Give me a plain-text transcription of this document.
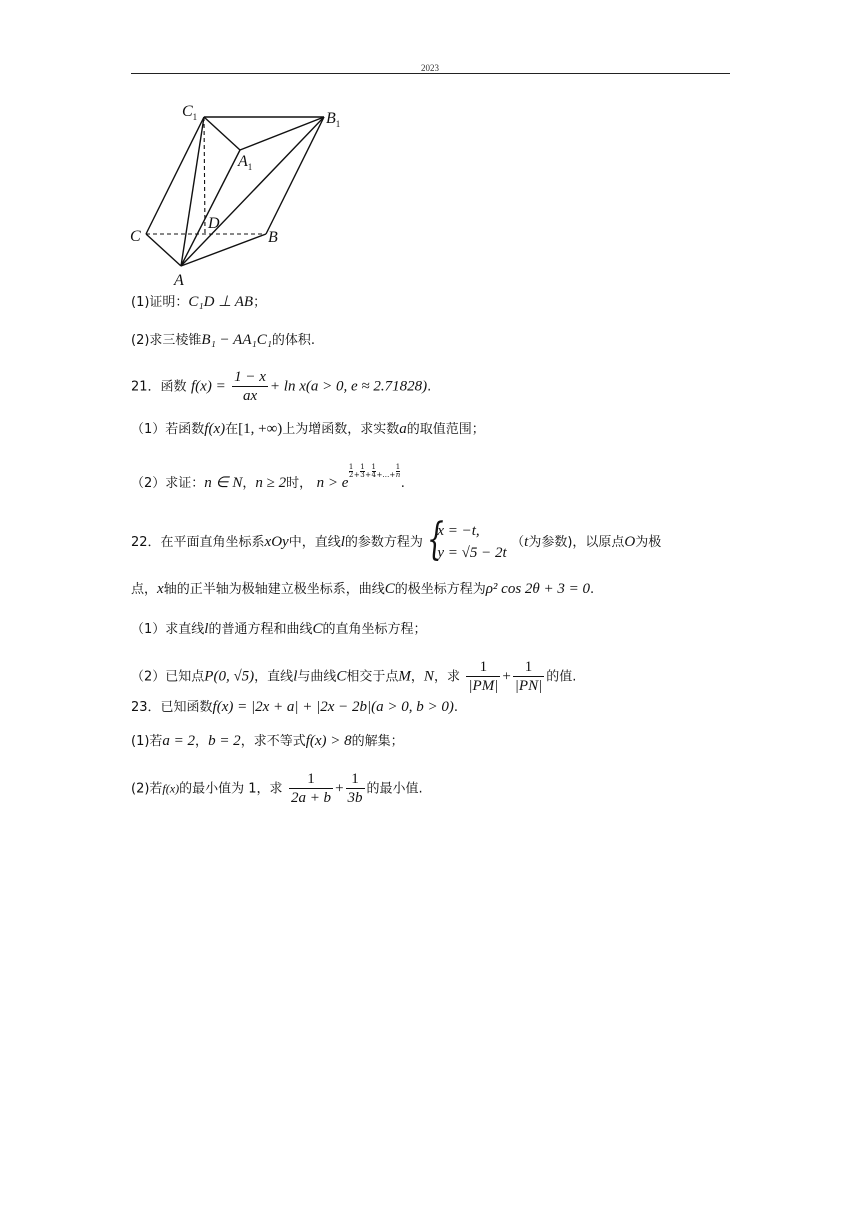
2023
$C_1$	$B_1$
$A_1$
C	B
D
A
(1)证明：C₁D ⊥ AB；
(2)求三棱锥B₁ − AA₁C₁的体积.
21．函数 $f(x) = \frac{1 - x}{ax} + \ln x(a > 0$, e ≈ 2.71828).
（1）若函数f(x)在[1, +∞)上为增函数，求实数a的取值范围；
（2）求证：n ∈ N，n ≥ 2时， n > e
$\frac{1}{2} + \frac{1}{3} + \frac{1}{4}$ +…+ $\frac{1}{n}$
.
22．在平面直角坐标系xOy中，直线l的参数方程为 {
x = −t,
y = √5 − 2t
（t为参数)，以原点O为极
点，x轴的正半轴为极轴建立极坐标系，曲线C的极坐标方程为ρ² cos 2θ + 3 = 0.
（1）求直线l的普通方程和曲线C的直角坐标方程；
（2）已知点P(0, √5)，直线l与曲线C相交于点M，N，求 $\frac{1}{|PM|} + \frac{1}{|PN|}$ 的值.
23．已知函数f(x) = |2x + a| + |2x − 2b|(a > 0, b > 0).
(1)若a = 2，b = 2，求不等式f(x) > 8的解集；
(2)若f(x)的最小值为 1，求 $\frac{1}{2a + b} + \frac{1}{3b}$ 的最小值.
